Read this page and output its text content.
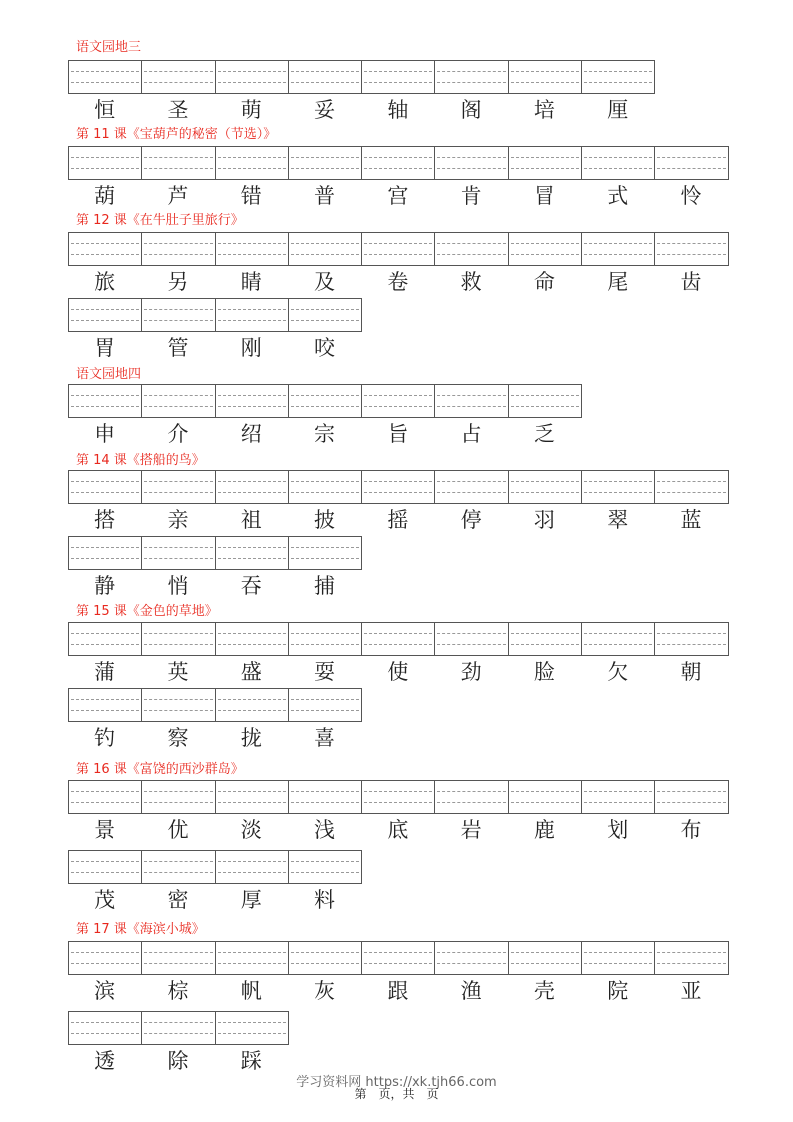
语文园地三
恒	圣	萌	妥	轴	阁	培	厘
第 11 课《宝葫芦的秘密（节选）》
葫	芦	错	普	宫	肯	冒	式	怜
第 12 课《在牛肚子里旅行》
旅	另	睛	及	卷	救	命	尾	齿
胃	管	刚	咬
语文园地四
申	介	绍	宗	旨	占	乏
第 14 课《搭船的鸟》
搭	亲	祖	披	摇	停	羽	翠	蓝
静	悄	吞	捕
第 15 课《金色的草地》
蒲	英	盛	耍	使	劲	脸	欠	朝
钓	察	拢	喜
第 16 课《富饶的西沙群岛》
景	优	淡	浅	底	岩	鹿	划	布
茂	密	厚	料
第 17 课《海滨小城》
滨	棕	帆	灰	跟	渔	壳	院	亚
透	除	踩
学习资料网 https://xk.tjh66.com
第　页，共　页
